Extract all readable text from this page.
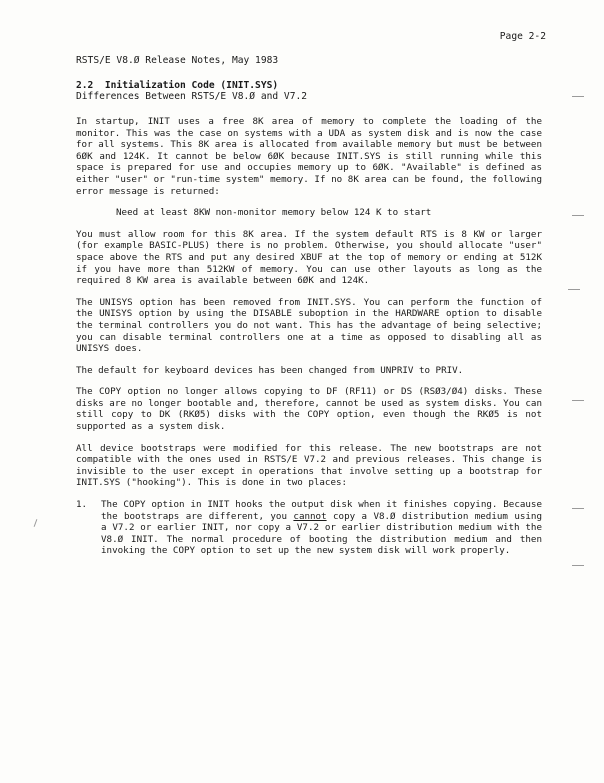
RSTS/E V8.Ø Release Notes, May 1983

Differences Between RSTS/E V8.Ø and V7.2

Page 2-2
2.2  Initialization Code (INIT.SYS)

In startup, INIT uses a free 8K area of memory to complete the loading of the monitor. This was the case on systems with a UDA as system disk and is now the case for all systems. This 8K area is allocated from available memory but must be between 6ØK and 124K. It cannot be below 6ØK because INIT.SYS is still running while this space is prepared for use and occupies memory up to 6ØK. "Available" is defined as either "user" or "run-time system" memory. If no 8K area can be found, the following error message is returned:

Need at least 8KW non-monitor memory below 124 K to start

You must allow room for this 8K area. If the system default RTS is 8 KW or larger (for example BASIC-PLUS) there is no problem. Otherwise, you should allocate "user" space above the RTS and put any desired XBUF at the top of memory or ending at 512K if you have more than 512KW of memory. You can use other layouts as long as the required 8 KW area is available between 6ØK and 124K.

The UNISYS option has been removed from INIT.SYS. You can perform the function of the UNISYS option by using the DISABLE suboption in the HARDWARE option to disable the terminal controllers you do not want. This has the advantage of being selective; you can disable terminal controllers one at a time as opposed to disabling all as UNISYS does.

The default for keyboard devices has been changed from UNPRIV to PRIV.

The COPY option no longer allows copying to DF (RF11) or DS (RSØ3/Ø4) disks. These disks are no longer bootable and, therefore, cannot be used as system disks. You can still copy to DK (RKØ5) disks with the COPY option, even though the RKØ5 is not supported as a system disk.

All device bootstraps were modified for this release. The new bootstraps are not compatible with the ones used in RSTS/E V7.2 and previous releases. This change is invisible to the user except in operations that involve setting up a bootstrap for INIT.SYS ("hooking"). This is done in two places:

1.	The COPY option in INIT hooks the output disk when it finishes copying. Because the bootstraps are different, you cannot copy a V8.Ø distribution medium using a V7.2 or earlier INIT, nor copy a V7.2 or earlier distribution medium with the V8.Ø INIT. The normal procedure of booting the distribution medium and then invoking the COPY option to set up the new system disk will work properly.
